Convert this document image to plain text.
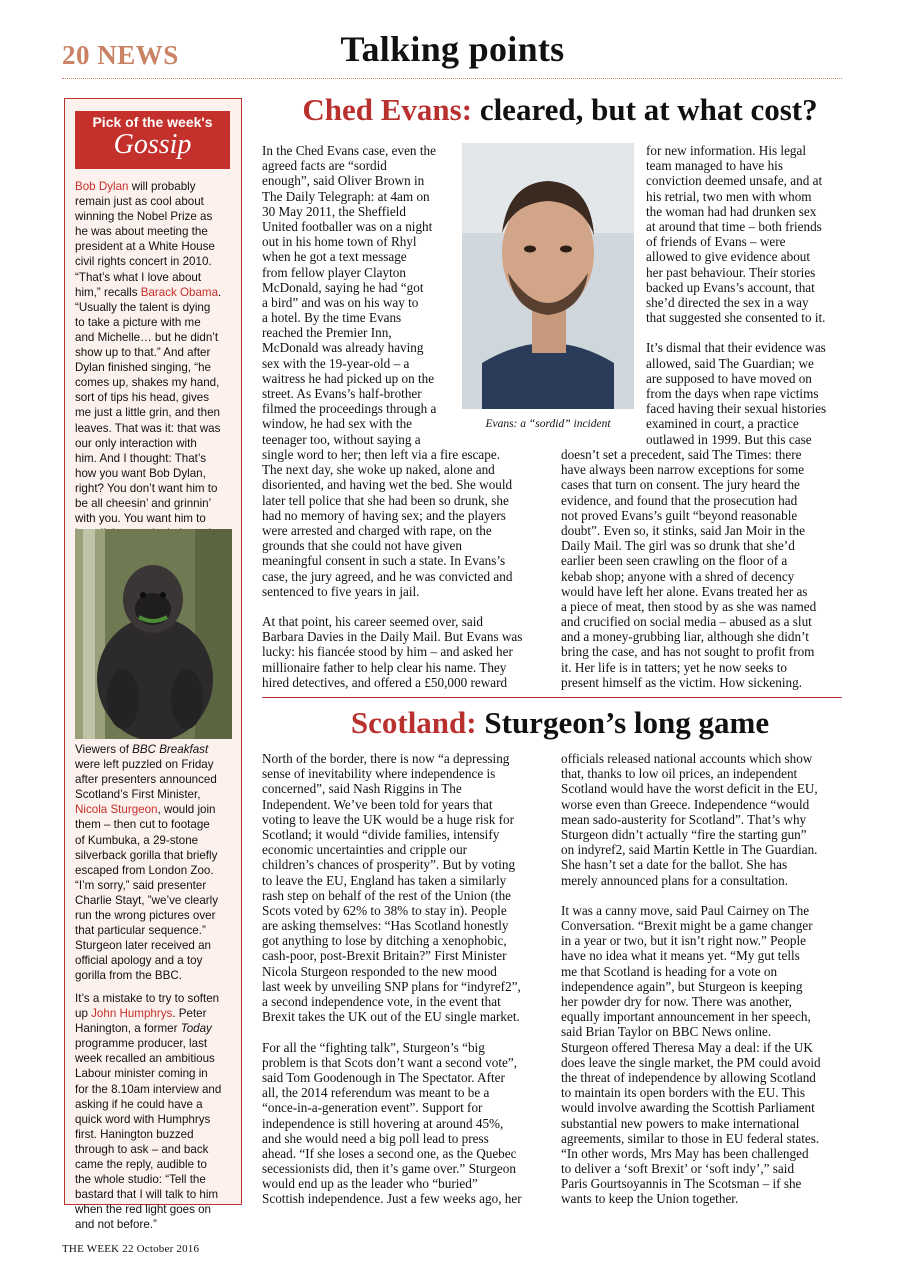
20 NEWS	Talking points
Pick of the week's
Gossip
Bob Dylan will probably
remain just as cool about
winning the Nobel Prize as
he was about meeting the
president at a White House
civil rights concert in 2010.
“That’s what I love about
him,” recalls Barack Obama.
“Usually the talent is dying
to take a picture with me
and Michelle… but he didn’t
show up to that.” And after
Dylan finished singing, “he
comes up, shakes my hand,
sort of tips his head, gives
me just a little grin, and then
leaves. That was it: that was
our only interaction with
him. And I thought: That’s
how you want Bob Dylan,
right? You don’t want him to
be all cheesin’ and grinnin’
with you. You want him to
Viewers of BBC Breakfast
were left puzzled on Friday
after presenters announced
Scotland’s First Minister,
Nicola Sturgeon, would join
them – then cut to footage
of Kumbuka, a 29-stone
silverback gorilla that briefly
escaped from London Zoo.
“I’m sorry,” said presenter
Charlie Stayt, ”we’ve clearly
run the wrong pictures over
that particular sequence.”
Sturgeon later received an
official apology and a toy
gorilla from the BBC.
It’s a mistake to try to soften
up John Humphrys. Peter
Hanington, a former Today
programme producer, last
week recalled an ambitious
Labour minister coming in
for the 8.10am interview and
asking if he could have a
quick word with Humphrys
first. Hanington buzzed
through to ask – and back
came the reply, audible to
the whole studio: “Tell the
bastard that I will talk to him
when the red light goes on
and not before.”
Ched Evans: cleared, but at what cost?
Evans: a “sordid” incident
In the Ched Evans case, even the
agreed facts are “sordid
enough”, said Oliver Brown in
The Daily Telegraph: at 4am on
30 May 2011, the Sheffield
United footballer was on a night
out in his home town of Rhyl
when he got a text message
from fellow player Clayton
McDonald, saying he had “got
a bird” and was on his way to
a hotel. By the time Evans
reached the Premier Inn,
McDonald was already having
sex with the 19-year-old – a
waitress he had picked up on the
street. As Evans’s half-brother
filmed the proceedings through a
window, he had sex with the
teenager too, without saying a
single word to her; then left via a fire escape.
The next day, she woke up naked, alone and
disoriented, and having wet the bed. She would
later tell police that she had been so drunk, she
had no memory of having sex; and the players
were arrested and charged with rape, on the
grounds that she could not have given
meaningful consent in such a state. In Evans’s
case, the jury agreed, and he was convicted and
sentenced to five years in jail.
At that point, his career seemed over, said
Barbara Davies in the Daily Mail. But Evans was
lucky: his fiancée stood by him – and asked her
millionaire father to help clear his name. They
hired detectives, and offered a £50,000 reward
for new information. His legal
team managed to have his
conviction deemed unsafe, and at
his retrial, two men with whom
the woman had had drunken sex
at around that time – both friends
of friends of Evans – were
allowed to give evidence about
her past behaviour. Their stories
backed up Evans’s account, that
she’d directed the sex in a way
that suggested she consented to it.
It’s dismal that their evidence was
allowed, said The Guardian; we
are supposed to have moved on
from the days when rape victims
faced having their sexual histories
examined in court, a practice
outlawed in 1999. But this case
doesn’t set a precedent, said The Times: there
have always been narrow exceptions for some
cases that turn on consent. The jury heard the
evidence, and found that the prosecution had
not proved Evans’s guilt “beyond reasonable
doubt”. Even so, it stinks, said Jan Moir in the
Daily Mail. The girl was so drunk that she’d
earlier been seen crawling on the floor of a
kebab shop; anyone with a shred of decency
would have left her alone. Evans treated her as
a piece of meat, then stood by as she was named
and crucified on social media – abused as a slut
and a money-grubbing liar, although she didn’t
bring the case, and has not sought to profit from
it. Her life is in tatters; yet he now seeks to
present himself as the victim. How sickening.
Scotland: Sturgeon’s long game
North of the border, there is now “a depressing
sense of inevitability where independence is
concerned”, said Nash Riggins in The
Independent. We’ve been told for years that
voting to leave the UK would be a huge risk for
Scotland; it would “divide families, intensify
economic uncertainties and cripple our
children’s chances of prosperity”. But by voting
to leave the EU, England has taken a similarly
rash step on behalf of the rest of the Union (the
Scots voted by 62% to 38% to stay in). People
are asking themselves: “Has Scotland honestly
got anything to lose by ditching a xenophobic,
cash-poor, post-Brexit Britain?” First Minister
Nicola Sturgeon responded to the new mood
last week by unveiling SNP plans for “indyref2”,
a second independence vote, in the event that
Brexit takes the UK out of the EU single market.
For all the “fighting talk”, Sturgeon’s “big
problem is that Scots don’t want a second vote”,
said Tom Goodenough in The Spectator. After
all, the 2014 referendum was meant to be a
“once-in-a-generation event”. Support for
independence is still hovering at around 45%,
and she would need a big poll lead to press
ahead. “If she loses a second one, as the Quebec
secessionists did, then it’s game over.” Sturgeon
would end up as the leader who “buried”
Scottish independence. Just a few weeks ago, her
officials released national accounts which show
that, thanks to low oil prices, an independent
Scotland would have the worst deficit in the EU,
worse even than Greece. Independence “would
mean sado-austerity for Scotland”. That’s why
Sturgeon didn’t actually “fire the starting gun”
on indyref2, said Martin Kettle in The Guardian.
She hasn’t set a date for the ballot. She has
merely announced plans for a consultation.
It was a canny move, said Paul Cairney on The
Conversation. “Brexit might be a game changer
in a year or two, but it isn’t right now.” People
have no idea what it means yet. “My gut tells
me that Scotland is heading for a vote on
independence again”, but Sturgeon is keeping
her powder dry for now. There was another,
equally important announcement in her speech,
said Brian Taylor on BBC News online.
Sturgeon offered Theresa May a deal: if the UK
does leave the single market, the PM could avoid
the threat of independence by allowing Scotland
to maintain its open borders with the EU. This
would involve awarding the Scottish Parliament
substantial new powers to make international
agreements, similar to those in EU federal states.
“In other words, Mrs May has been challenged
to deliver a ‘soft Brexit’ or ‘soft indy’,” said
Paris Gourtsoyannis in The Scotsman – if she
wants to keep the Union together.
THE WEEK 22 October 2016
